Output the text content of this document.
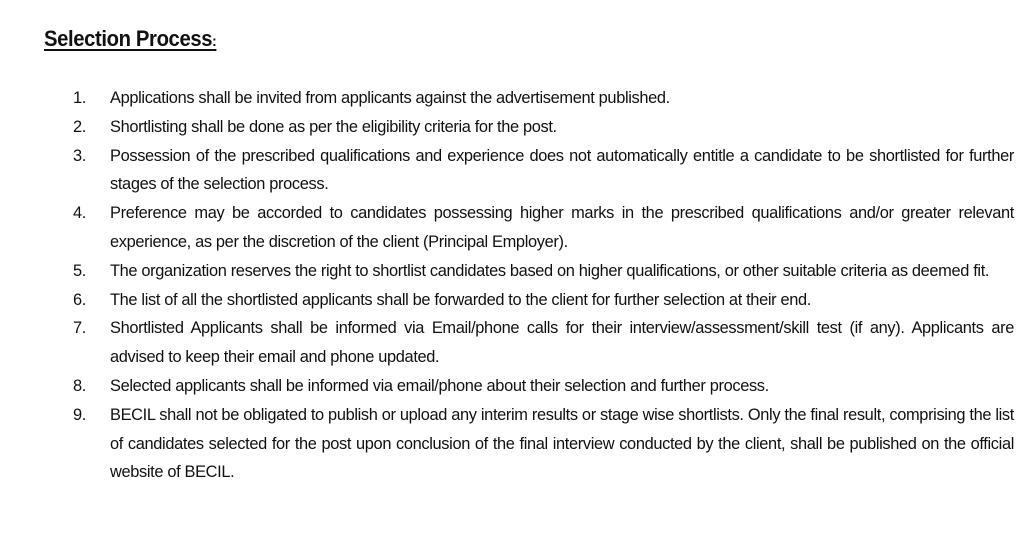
Selection Process:
1.	Applications shall be invited from applicants against the advertisement published.
2.	Shortlisting shall be done as per the eligibility criteria for the post.
3.	Possession of the prescribed qualifications and experience does not automatically entitle a candidate to be shortlisted for further stages of the selection process.
4.	Preference may be accorded to candidates possessing higher marks in the prescribed qualifications and/or greater relevant experience, as per the discretion of the client (Principal Employer).
5.	The organization reserves the right to shortlist candidates based on higher qualifications, or other suitable criteria as deemed fit.
6.	The list of all the shortlisted applicants shall be forwarded to the client for further selection at their end.
7.	Shortlisted Applicants shall be informed via Email/phone calls for their interview/assessment/skill test (if any). Applicants are advised to keep their email and phone updated.
8.	Selected applicants shall be informed via email/phone about their selection and further process.
9.	BECIL shall not be obligated to publish or upload any interim results or stage wise shortlists. Only the final result, comprising the list of candidates selected for the post upon conclusion of the final interview conducted by the client, shall be published on the official website of BECIL.
